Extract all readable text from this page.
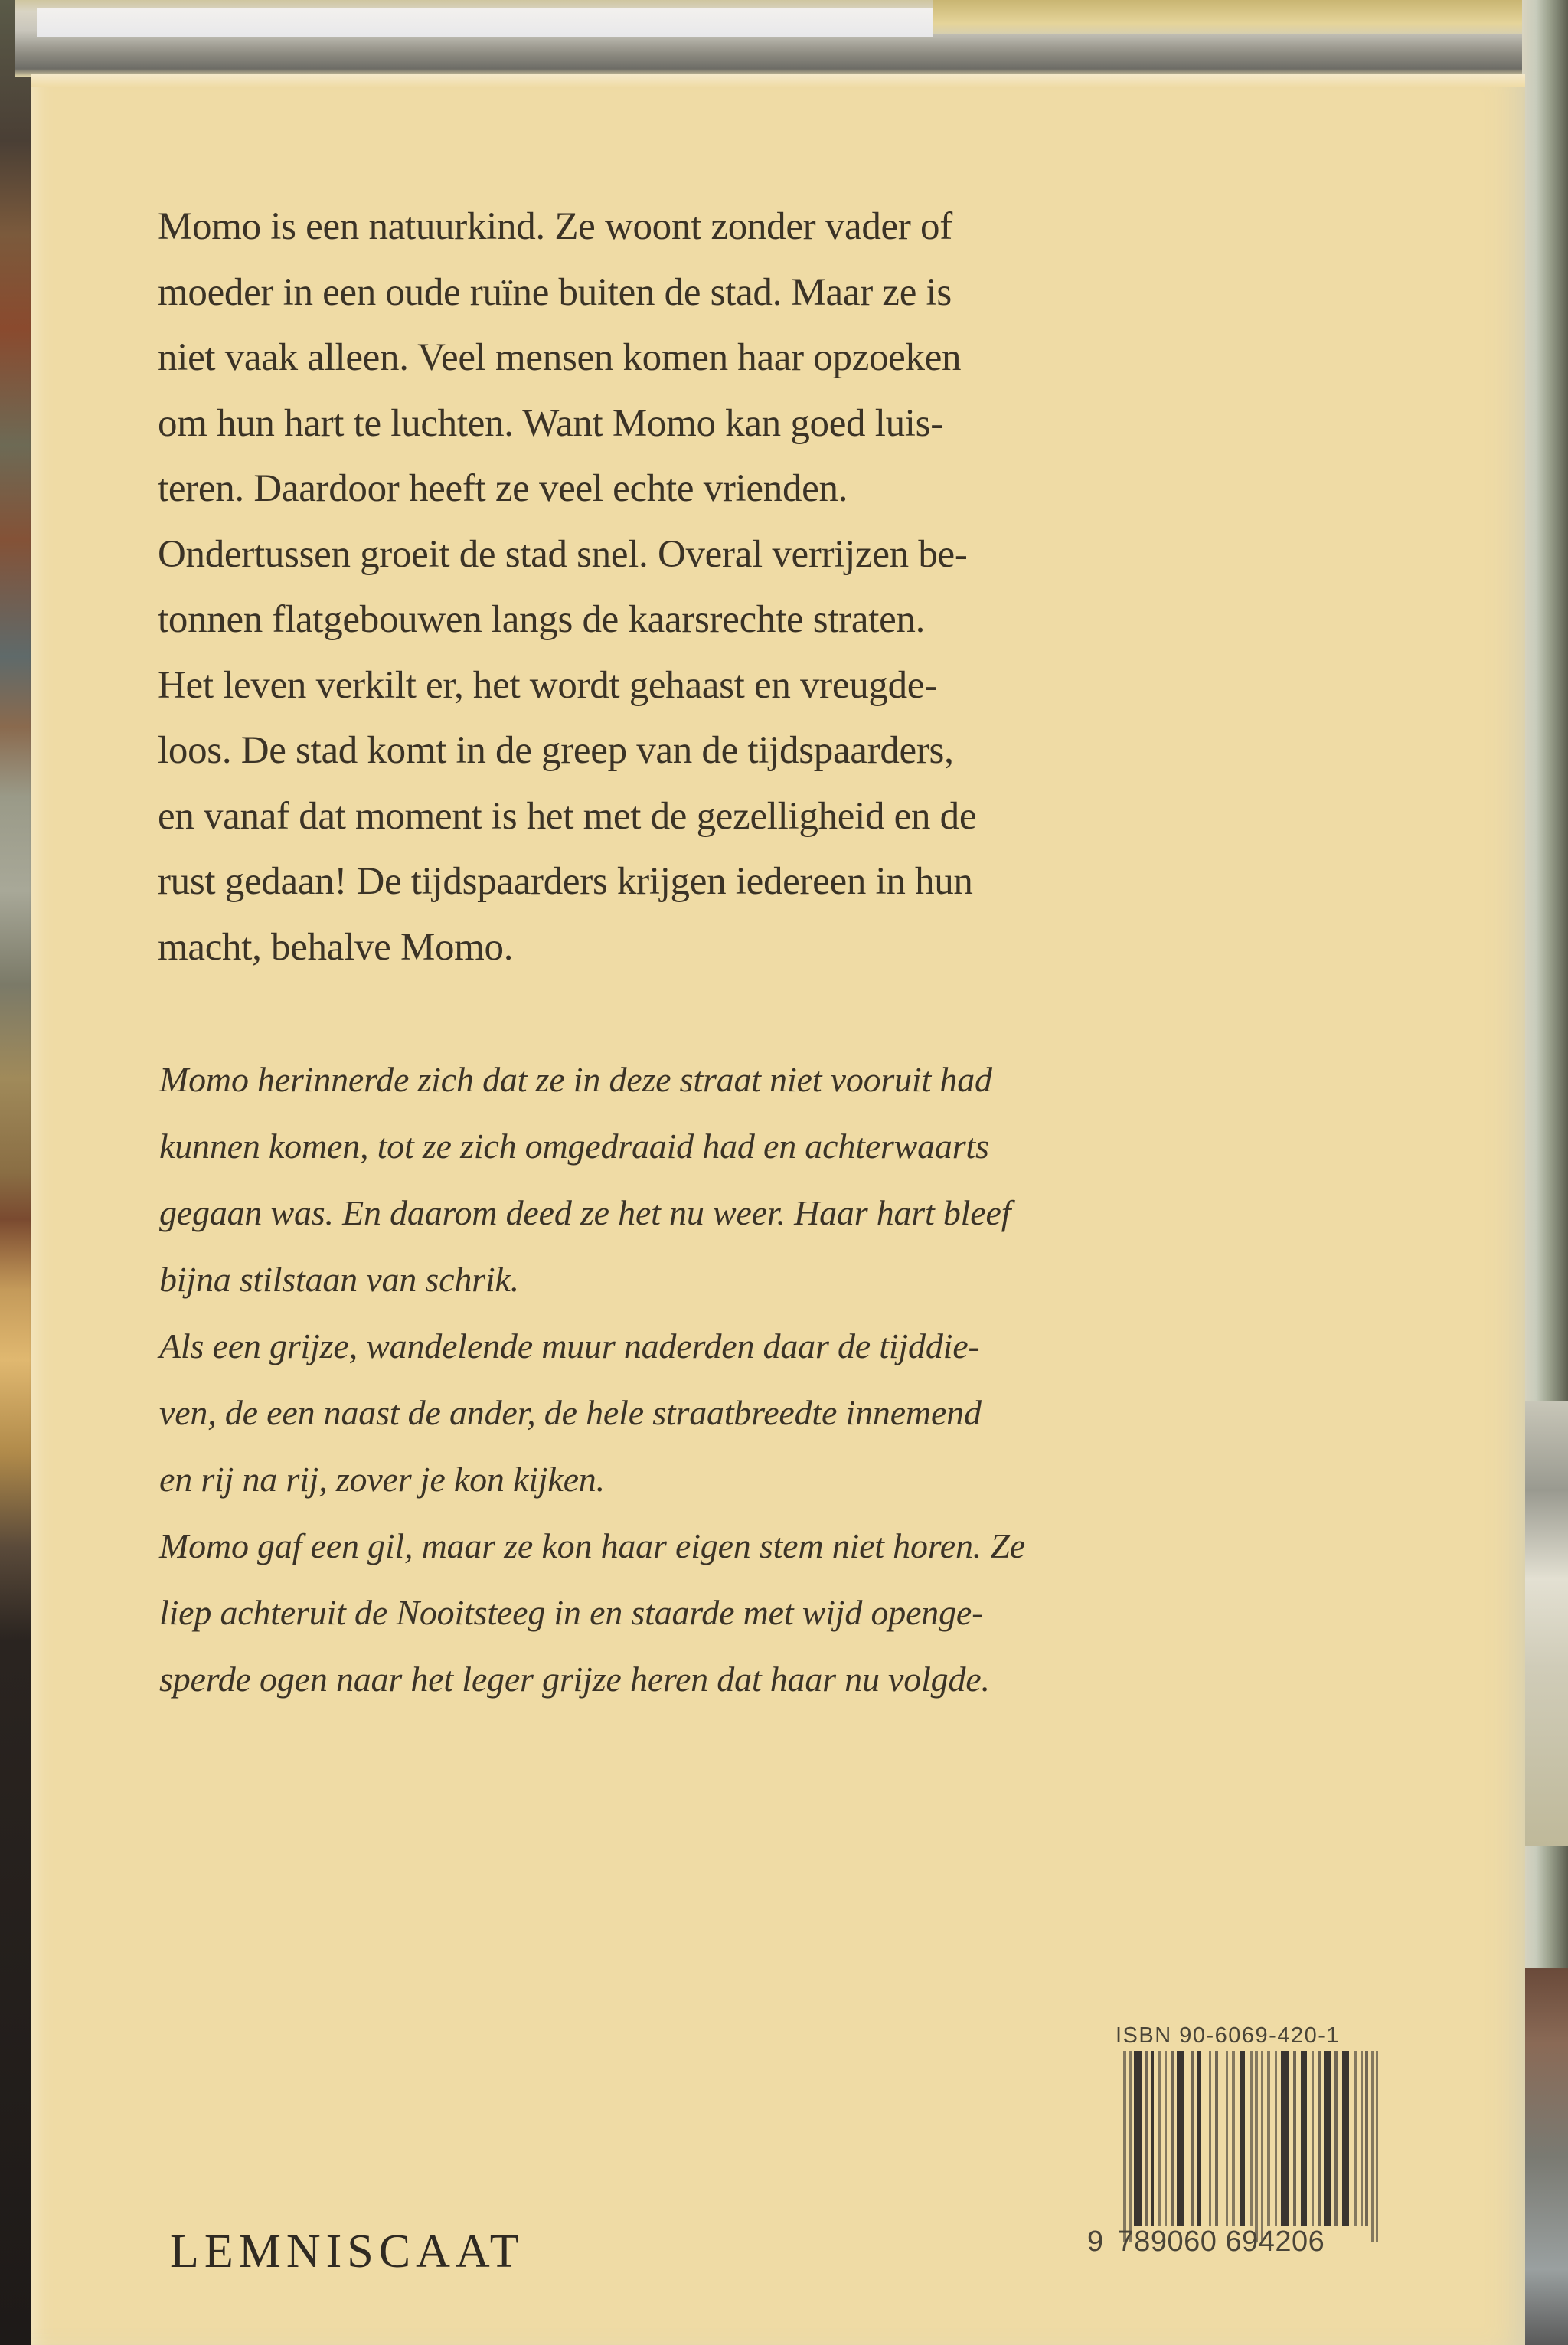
Momo is een natuurkind. Ze woont zonder vader of
moeder in een oude ruïne buiten de stad. Maar ze is
niet vaak alleen. Veel mensen komen haar opzoeken
om hun hart te luchten. Want Momo kan goed luis-
teren. Daardoor heeft ze veel echte vrienden.
Ondertussen groeit de stad snel. Overal verrijzen be-
tonnen flatgebouwen langs de kaarsrechte straten.
Het leven verkilt er, het wordt gehaast en vreugde-
loos. De stad komt in de greep van de tijdspaarders,
en vanaf dat moment is het met de gezelligheid en de
rust gedaan! De tijdspaarders krijgen iedereen in hun
macht, behalve Momo.
Momo herinnerde zich dat ze in deze straat niet vooruit had
kunnen komen, tot ze zich omgedraaid had en achterwaarts
gegaan was. En daarom deed ze het nu weer. Haar hart bleef
bijna stilstaan van schrik.
Als een grijze, wandelende muur naderden daar de tijddie-
ven, de een naast de ander, de hele straatbreedte innemend
en rij na rij, zover je kon kijken.
Momo gaf een gil, maar ze kon haar eigen stem niet horen. Ze
liep achteruit de Nooitsteeg in en staarde met wijd openge-
sperde ogen naar het leger grijze heren dat haar nu volgde.
ISBN 90-6069-420-1
9 789060 694206
LEMNISCAAT
